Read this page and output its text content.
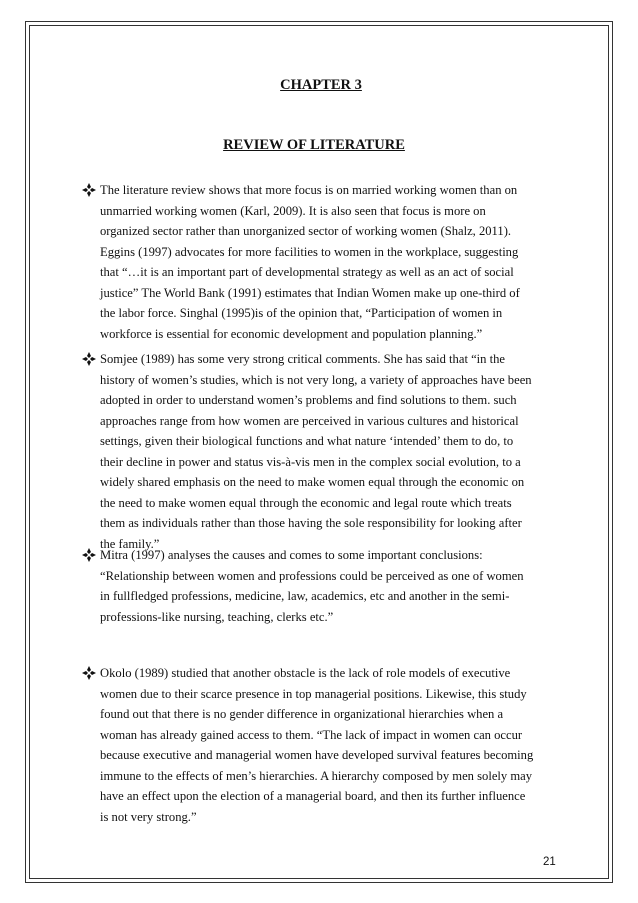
CHAPTER 3
REVIEW OF LITERATURE
The literature review shows that more focus is on married working women than on
unmarried working women (Karl, 2009). It is also seen that focus is more on
organized sector rather than unorganized sector of working women (Shalz, 2011).
Eggins (1997) advocates for more facilities to women in the workplace, suggesting
that “…it is an important part of developmental strategy as well as an act of social
justice” The World Bank (1991) estimates that Indian Women make up one-third of
the labor force. Singhal (1995)is of the opinion that, “Participation of women in
workforce is essential for economic development and population planning.”
Somjee (1989) has some very strong critical comments. She has said that “in the
history of women’s studies, which is not very long, a variety of approaches have been
adopted in order to understand women’s problems and find solutions to them. such
approaches range from how women are perceived in various cultures and historical
settings, given their biological functions and what nature ‘intended’ them to do, to
their decline in power and status vis-à-vis men in the complex social evolution, to a
widely shared emphasis on the need to make women equal through the economic on
the need to make women equal through the economic and legal route which treats
them as individuals rather than those having the sole responsibility for looking after
the family.”
Mitra (1997) analyses the causes and comes to some important conclusions:
“Relationship between women and professions could be perceived as one of women
in fullfledged professions, medicine, law, academics, etc and another in the semi-
professions-like nursing, teaching, clerks etc.”
Okolo (1989) studied that another obstacle is the lack of role models of executive
women due to their scarce presence in top managerial positions. Likewise, this study
found out that there is no gender difference in organizational hierarchies when a
woman has already gained access to them. “The lack of impact in women can occur
because executive and managerial women have developed survival features becoming
immune to the effects of men’s hierarchies. A hierarchy composed by men solely may
have an effect upon the election of a managerial board, and then its further influence
is not very strong.”
21
